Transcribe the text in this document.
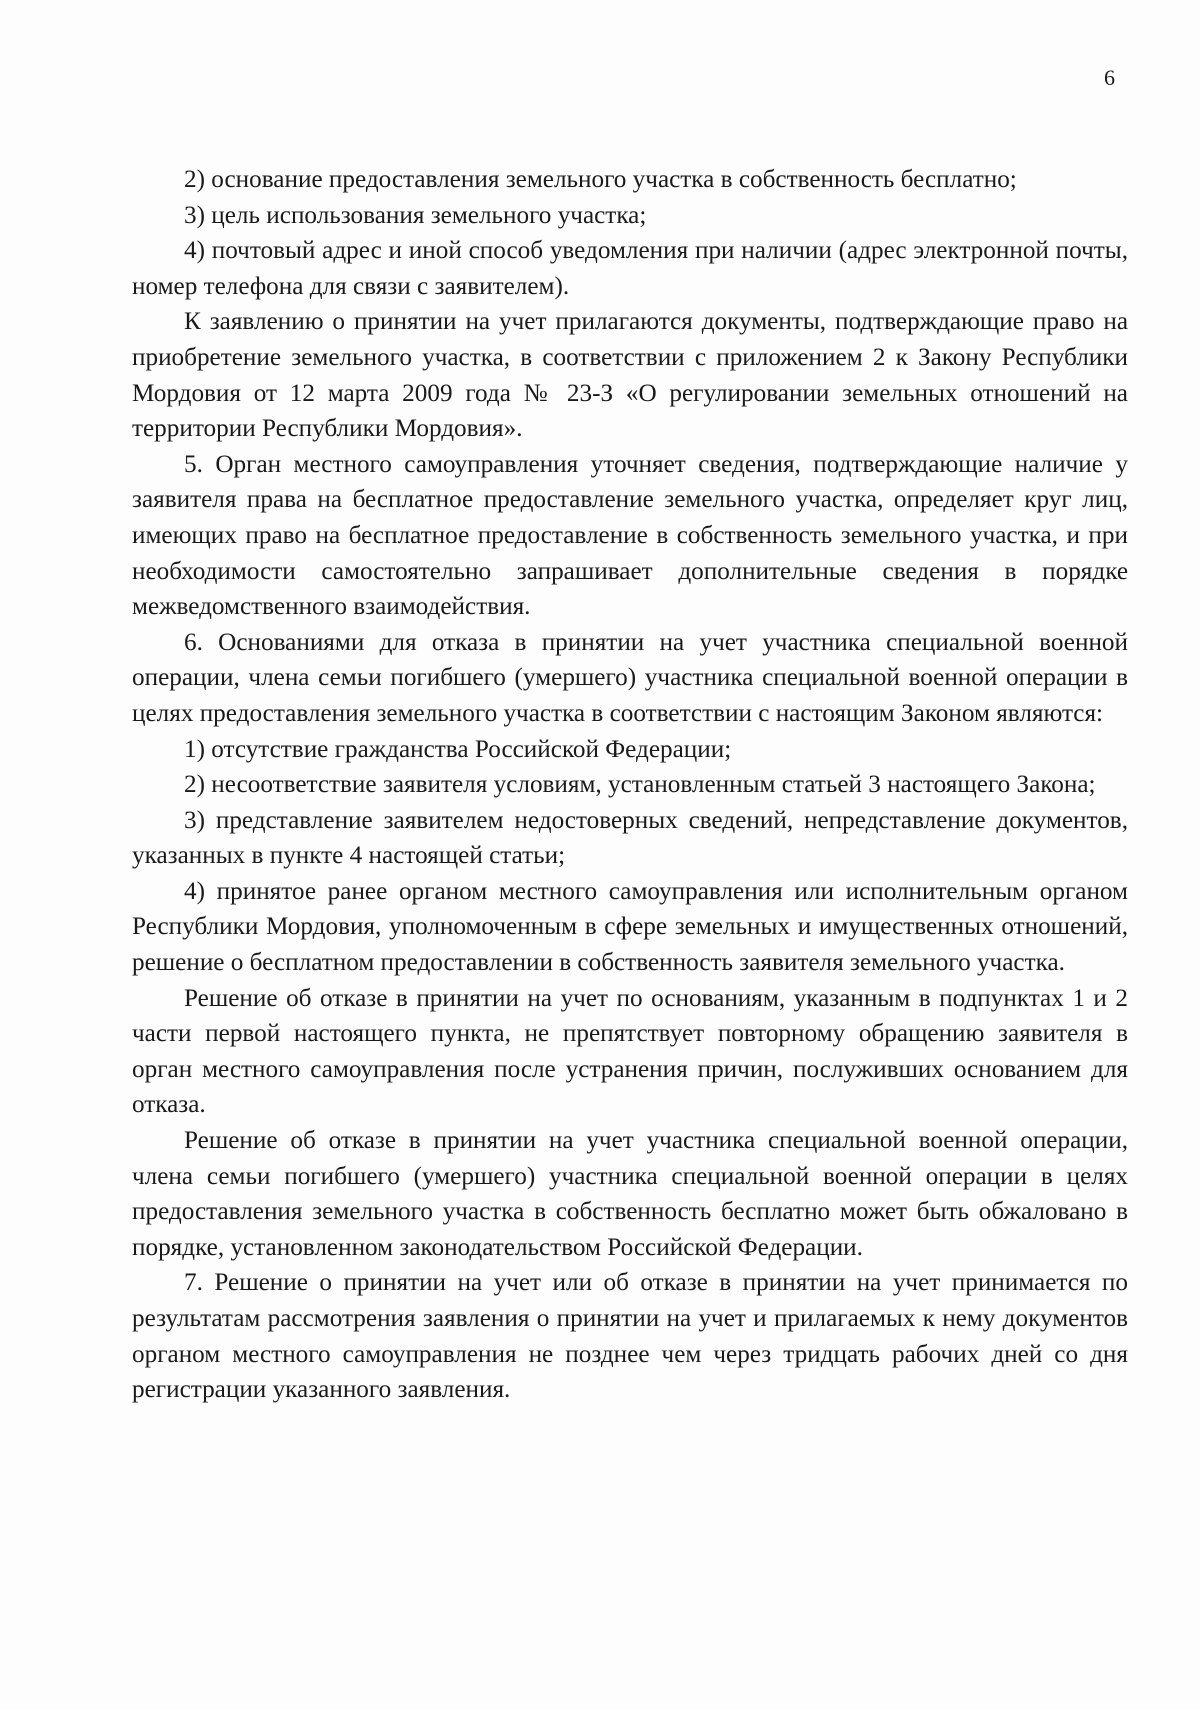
6

2) основание предоставления земельного участка в собственность бесплатно;

3) цель использования земельного участка;

4) почтовый адрес и иной способ уведомления при наличии (адрес электронной почты, номер телефона для связи с заявителем).

К заявлению о принятии на учет прилагаются документы, подтверждающие право на приобретение земельного участка, в соответствии с приложением 2 к Закону Республики Мордовия от 12 марта 2009 года № 23-З «О регулировании земельных отношений на территории Республики Мордовия».

5. Орган местного самоуправления уточняет сведения, подтверждающие наличие у заявителя права на бесплатное предоставление земельного участка, определяет круг лиц, имеющих право на бесплатное предоставление в собственность земельного участка, и при необходимости самостоятельно запрашивает дополнительные сведения в порядке межведомственного взаимодействия.

6. Основаниями для отказа в принятии на учет участника специальной военной операции, члена семьи погибшего (умершего) участника специальной военной операции в целях предоставления земельного участка в соответствии с настоящим Законом являются:

1) отсутствие гражданства Российской Федерации;

2) несоответствие заявителя условиям, установленным статьей 3 настоящего Закона;

3) представление заявителем недостоверных сведений, непредставление документов, указанных в пункте 4 настоящей статьи;

4) принятое ранее органом местного самоуправления или исполнительным органом Республики Мордовия, уполномоченным в сфере земельных и имущественных отношений, решение о бесплатном предоставлении в собственность заявителя земельного участка.

Решение об отказе в принятии на учет по основаниям, указанным в подпунктах 1 и 2 части первой настоящего пункта, не препятствует повторному обращению заявителя в орган местного самоуправления после устранения причин, послуживших основанием для отказа.

Решение об отказе в принятии на учет участника специальной военной операции, члена семьи погибшего (умершего) участника специальной военной операции в целях предоставления земельного участка в собственность бесплатно может быть обжаловано в порядке, установленном законодательством Российской Федерации.

7. Решение о принятии на учет или об отказе в принятии на учет принимается по результатам рассмотрения заявления о принятии на учет и прилагаемых к нему документов органом местного самоуправления не позднее чем через тридцать рабочих дней со дня регистрации указанного заявления.
